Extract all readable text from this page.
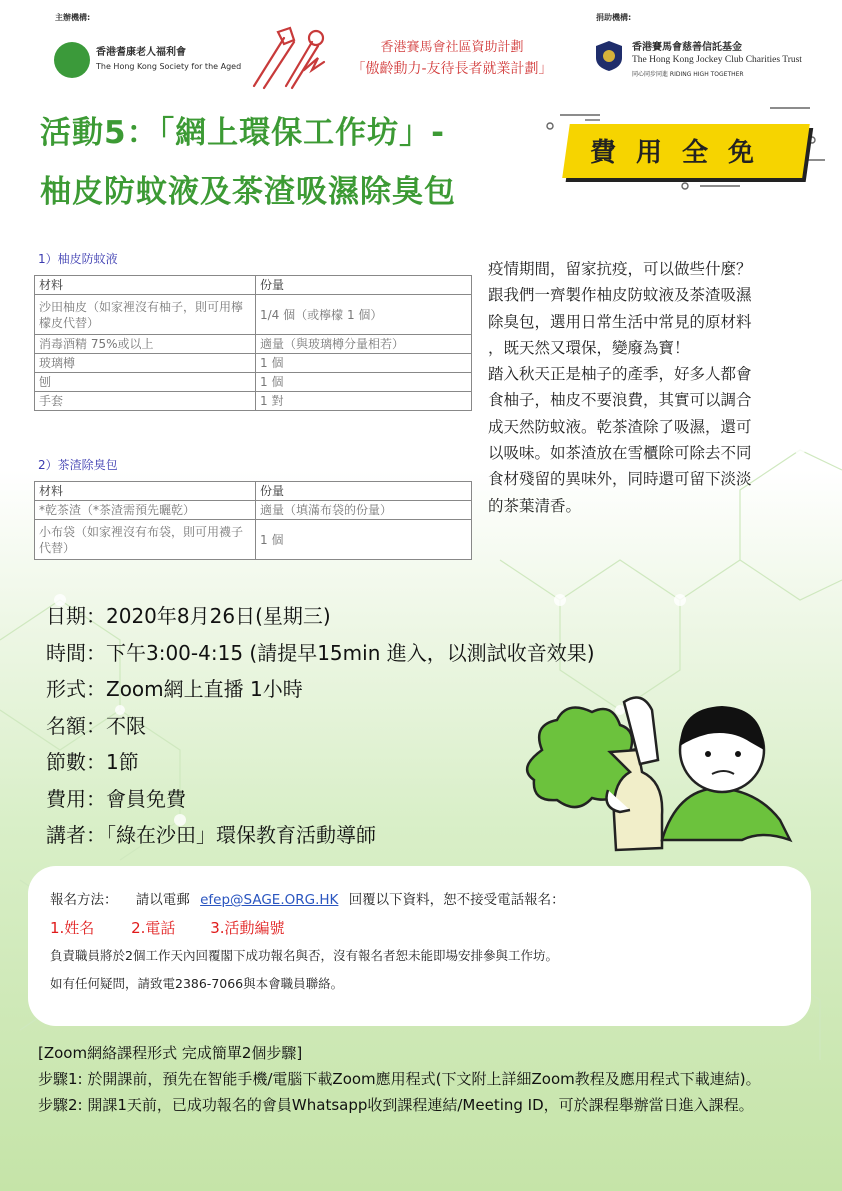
主辦機構:
香港耆康老人福利會
The Hong Kong Society for the Aged
香港賽馬會社區資助計劃
「傲齡動力-友待長者就業計劃」
捐助機構:
香港賽馬會慈善信託基金
The Hong Kong Jockey Club Charities Trust
同心同步同進 RIDING HIGH TOGETHER
活動5：「網上環保工作坊」-
柚皮防蚊液及茶渣吸濕除臭包
費用全免
1）柚皮防蚊液
材料	份量
沙田柚皮（如家裡沒有柚子，則可用檸檬皮代替）	1/4 個（或檸檬 1 個）
消毒酒精 75%或以上	適量（與玻璃樽分量相若）
玻璃樽	1 個
刨	1 個
手套	1 對
2）茶渣除臭包
材料	份量
*乾茶渣（*茶渣需預先曬乾）	適量（填滿布袋的份量）
小布袋（如家裡沒有布袋，則可用襪子代替）	1 個
疫情期間，留家抗疫，可以做些什麼？
跟我們一齊製作柚皮防蚊液及茶渣吸濕
除臭包，選用日常生活中常見的原材料
，既天然又環保，變廢為寶！
踏入秋天正是柚子的產季，好多人都會
食柚子，柚皮不要浪費，其實可以調合
成天然防蚊液。乾茶渣除了吸濕，還可
以吸味。如茶渣放在雪櫃除可除去不同
食材殘留的異味外，同時還可留下淡淡
的茶葉清香。
日期：2020年8月26日(星期三)
時間：下午3:00-4:15 (請提早15min 進入，以測試收音效果)
形式：Zoom網上直播 1小時
名額：不限
節數：1節
費用：會員免費
講者：「綠在沙田」環保教育活動導師
報名方法： 請以電郵 efep@SAGE.ORG.HK 回覆以下資料，恕不接受電話報名：
1.姓名 2.電話 3.活動編號
負責職員將於2個工作天內回覆閣下成功報名與否，沒有報名者恕未能即場安排參與工作坊。
如有任何疑問，請致電2386-7066與本會職員聯絡。
[Zoom網絡課程形式 完成簡單2個步驟]
步驟1: 於開課前，預先在智能手機/電腦下載Zoom應用程式(下文附上詳細Zoom教程及應用程式下載連結)。
步驟2: 開課1天前，已成功報名的會員Whatsapp收到課程連結/Meeting ID，可於課程舉辦當日進入課程。
